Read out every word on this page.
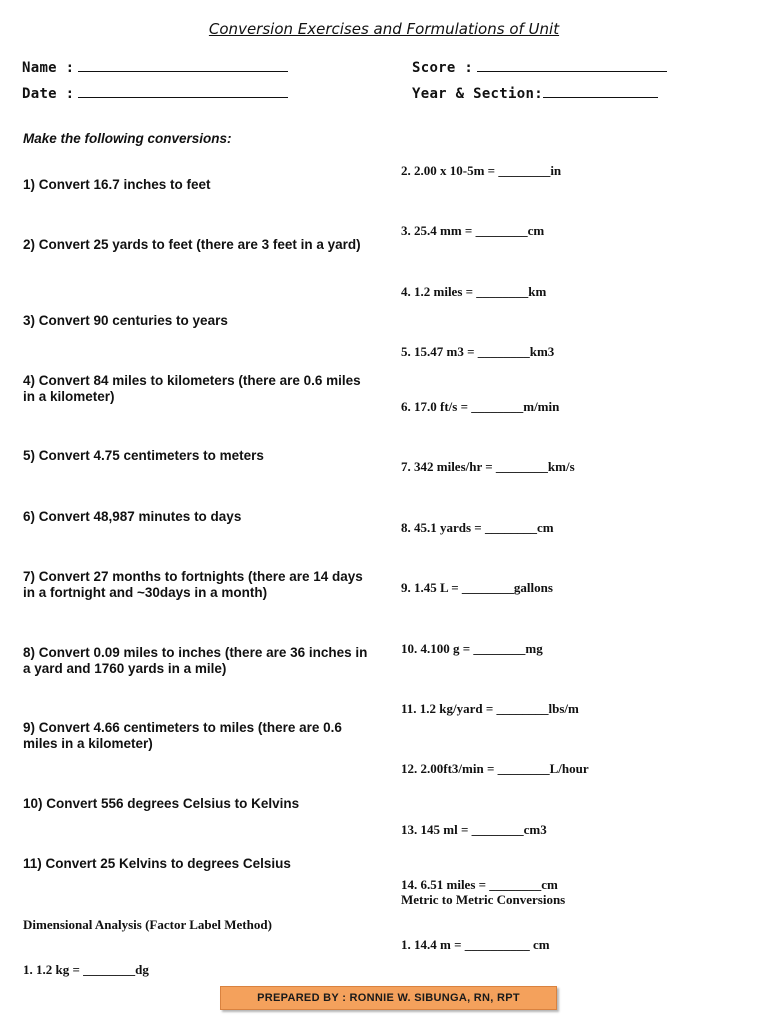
Conversion Exercises and Formulations of Unit
Name :
Date :
Score :
Year & Section:
Make the following conversions:
1) Convert 16.7 inches to feet
2) Convert 25 yards to feet (there are 3 feet in a yard)
3) Convert 90 centuries to years
4) Convert 84 miles to kilometers (there are 0.6 miles in a kilometer)
5) Convert 4.75 centimeters to meters
6) Convert 48,987 minutes to days
7) Convert 27 months to fortnights (there are 14 days in a fortnight and ~30days in a month)
8) Convert 0.09 miles to inches (there are 36 inches in a yard and 1760 yards in a mile)
9) Convert 4.66 centimeters to miles (there are 0.6 miles in a kilometer)
10) Convert 556 degrees Celsius to Kelvins
11) Convert 25 Kelvins to degrees Celsius
2. 2.00 x 10-5m = ________in
3. 25.4 mm = ________cm
4. 1.2 miles = ________km
5. 15.47 m3 = ________km3
6. 17.0 ft/s = ________m/min
7. 342 miles/hr = ________km/s
8. 45.1 yards = ________cm
9. 1.45 L = ________gallons
10. 4.100 g = ________mg
11. 1.2 kg/yard = ________lbs/m
12. 2.00ft3/min = ________L/hour
13. 145 ml = ________cm3
14. 6.51 miles = ________cm
Metric to Metric Conversions
1. 14.4 m = __________ cm
Dimensional Analysis (Factor Label Method)
1. 1.2 kg = ________dg
PREPARED BY : RONNIE W. SIBUNGA, RN, RPT
